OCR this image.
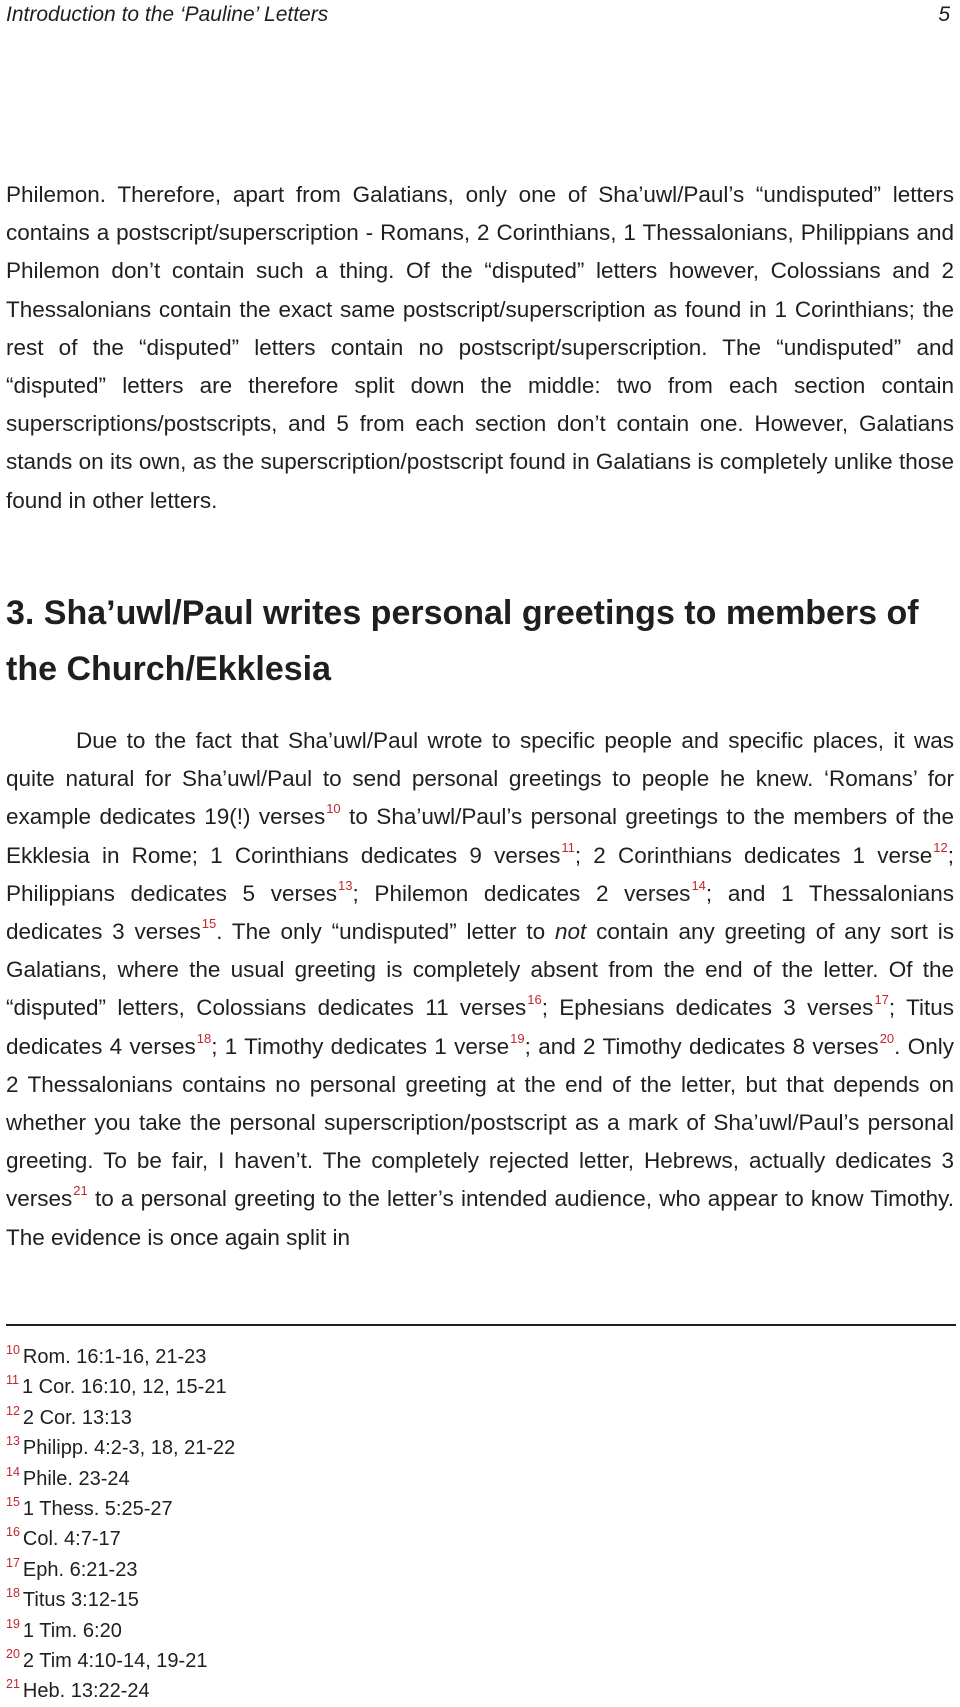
Introduction to the ‘Pauline’ Letters	5

Philemon. Therefore, apart from Galatians, only one of Sha’uwl/Paul’s “undisputed” letters contains a postscript/superscription - Romans, 2 Corinthians, 1 Thessalonians, Philippians and Philemon don’t contain such a thing. Of the “disputed” letters however, Colossians and 2 Thessalonians contain the exact same postscript/superscription as found in 1 Corinthians; the rest of the “disputed” letters contain no postscript/superscription. The “undisputed” and “disputed” letters are therefore split down the middle: two from each section contain superscriptions/postscripts, and 5 from each section don’t contain one. However, Galatians stands on its own, as the superscription/postscript found in Galatians is completely unlike those found in other letters.

3. Sha’uwl/Paul writes personal greetings to members of the Church/Ekklesia

Due to the fact that Sha’uwl/Paul wrote to specific people and specific places, it was quite natural for Sha’uwl/Paul to send personal greetings to people he knew. ‘Romans’ for example dedicates 19(!) verses$^{10}$ to Sha’uwl/Paul’s personal greetings to the members of the Ekklesia in Rome; 1 Corinthians dedicates 9 verses$^{11}$; 2 Corinthians dedicates 1 verse$^{12}$; Philippians dedicates 5 verses$^{13}$; Philemon dedicates 2 verses$^{14}$; and 1 Thessalonians dedicates 3 verses$^{15}$. The only “undisputed” letter to not contain any greeting of any sort is Galatians, where the usual greeting is completely absent from the end of the letter. Of the “disputed” letters, Colossians dedicates 11 verses$^{16}$; Ephesians dedicates 3 verses$^{17}$; Titus dedicates 4 verses$^{18}$; 1 Timothy dedicates 1 verse$^{19}$; and 2 Timothy dedicates 8 verses$^{20}$. Only 2 Thessalonians contains no personal greeting at the end of the letter, but that depends on whether you take the personal superscription/postscript as a mark of Sha’uwl/Paul’s personal greeting. To be fair, I haven’t. The completely rejected letter, Hebrews, actually dedicates 3 verses$^{21}$ to a personal greeting to the letter’s intended audience, who appear to know Timothy. The evidence is once again split in

$^{10}$ Rom. 16:1-16, 21-23
$^{11}$ 1 Cor. 16:10, 12, 15-21
$^{12}$ 2 Cor. 13:13
$^{13}$ Philipp. 4:2-3, 18, 21-22
$^{14}$ Phile. 23-24
$^{15}$ 1 Thess. 5:25-27
$^{16}$ Col. 4:7-17
$^{17}$ Eph. 6:21-23
$^{18}$ Titus 3:12-15
$^{19}$ 1 Tim. 6:20
$^{20}$ 2 Tim 4:10-14, 19-21
$^{21}$ Heb. 13:22-24
